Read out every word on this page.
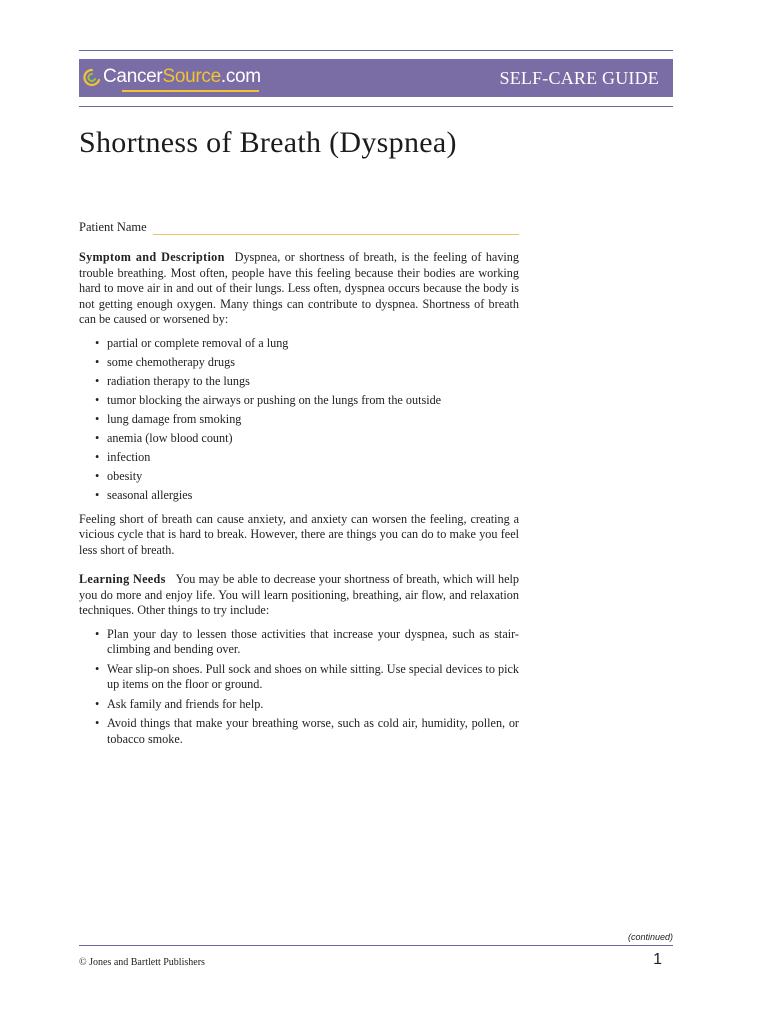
CancerSource.com	SELF-CARE GUIDE
Shortness of Breath (Dyspnea)
Patient Name

Symptom and Description Dyspnea, or shortness of breath, is the feeling of having trouble breathing. Most often, people have this feeling because their bodies are working hard to move air in and out of their lungs. Less often, dyspnea occurs because the body is not getting enough oxygen. Many things can contribute to dyspnea. Shortness of breath can be caused or worsened by:

• partial or complete removal of a lung
• some chemotherapy drugs
• radiation therapy to the lungs
• tumor blocking the airways or pushing on the lungs from the outside
• lung damage from smoking
• anemia (low blood count)
• infection
• obesity
• seasonal allergies

Feeling short of breath can cause anxiety, and anxiety can worsen the feeling, creating a vicious cycle that is hard to break. However, there are things you can do to make you feel less short of breath.

Learning Needs You may be able to decrease your shortness of breath, which will help you do more and enjoy life. You will learn positioning, breathing, air flow, and relaxation techniques. Other things to try include:

• Plan your day to lessen those activities that increase your dyspnea, such as stair-climbing and bending over.
• Wear slip-on shoes. Pull sock and shoes on while sitting. Use special devices to pick up items on the floor or ground.
• Ask family and friends for help.
• Avoid things that make your breathing worse, such as cold air, humidity, pollen, or tobacco smoke.
(continued)
© Jones and Bartlett Publishers	1
